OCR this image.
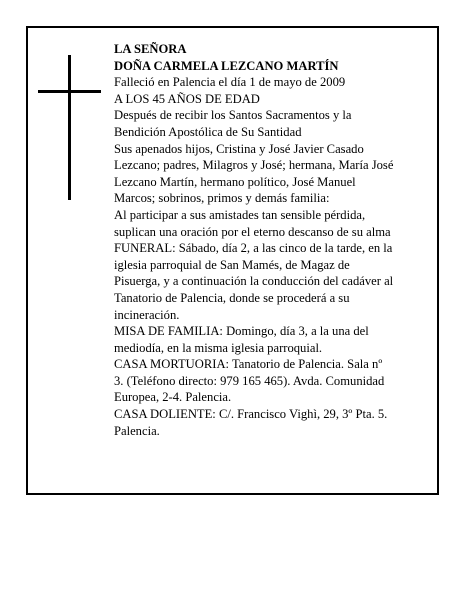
LA SEÑORA
DOÑA CARMELA LEZCANO MARTÍN
Falleció en Palencia el día 1 de mayo de 2009
A LOS 45 AÑOS DE EDAD
Después de recibir los Santos Sacramentos y la
Bendición Apostólica de Su Santidad
Sus apenados hijos, Cristina y José Javier Casado
Lezcano; padres, Milagros y José; hermana, María José
Lezcano Martín, hermano político, José Manuel
Marcos; sobrinos, primos y demás familia:
Al participar a sus amistades tan sensible pérdida,
suplican una oración por el eterno descanso de su alma
FUNERAL: Sábado, día 2, a las cinco de la tarde, en la
iglesia parroquial de San Mamés, de Magaz de
Pisuerga, y a continuación la conducción del cadáver al
Tanatorio de Palencia, donde se procederá a su
incineración.
MISA DE FAMILIA: Domingo, día 3, a la una del
mediodía, en la misma iglesia parroquial.
CASA MORTUORIA: Tanatorio de Palencia. Sala nº
3. (Teléfono directo: 979 165 465). Avda. Comunidad
Europea, 2-4. Palencia.
CASA DOLIENTE: C/. Francisco Vighì, 29, 3º Pta. 5.
Palencia.
